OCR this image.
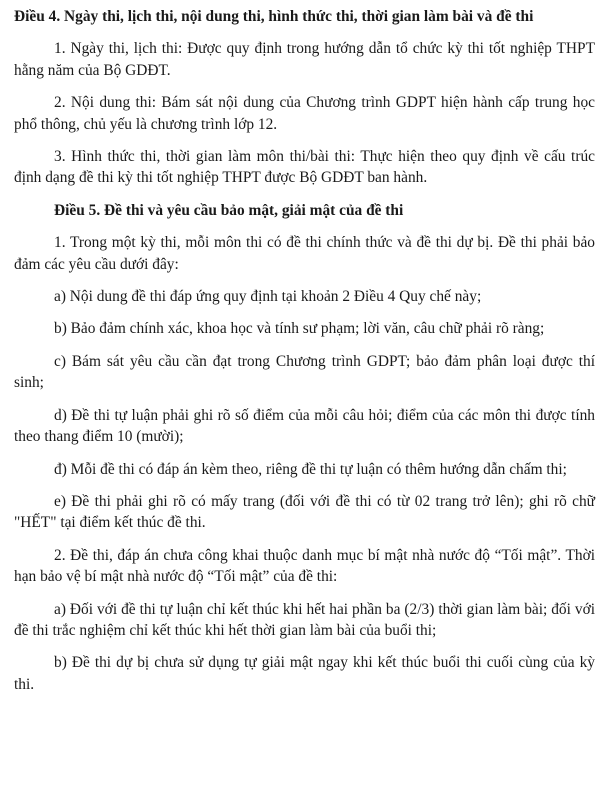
Điều 4. Ngày thi, lịch thi, nội dung thi, hình thức thi, thời gian làm bài và đề thi
1. Ngày thi, lịch thi: Được quy định trong hướng dẫn tổ chức kỳ thi tốt nghiệp THPT hằng năm của Bộ GDĐT.
2. Nội dung thi: Bám sát nội dung của Chương trình GDPT hiện hành cấp trung học phổ thông, chủ yếu là chương trình lớp 12.
3. Hình thức thi, thời gian làm môn thi/bài thi: Thực hiện theo quy định về cấu trúc định dạng đề thi kỳ thi tốt nghiệp THPT được Bộ GDĐT ban hành.
Điều 5. Đề thi và yêu cầu bảo mật, giải mật của đề thi
1. Trong một kỳ thi, mỗi môn thi có đề thi chính thức và đề thi dự bị. Đề thi phải bảo đảm các yêu cầu dưới đây:
a) Nội dung đề thi đáp ứng quy định tại khoản 2 Điều 4 Quy chế này;
b) Bảo đảm chính xác, khoa học và tính sư phạm; lời văn, câu chữ phải rõ ràng;
c) Bám sát yêu cầu cần đạt trong Chương trình GDPT; bảo đảm phân loại được thí sinh;
d) Đề thi tự luận phải ghi rõ số điểm của mỗi câu hỏi; điểm của các môn thi được tính theo thang điểm 10 (mười);
đ) Mỗi đề thi có đáp án kèm theo, riêng đề thi tự luận có thêm hướng dẫn chấm thi;
e) Đề thi phải ghi rõ có mấy trang (đối với đề thi có từ 02 trang trở lên); ghi rõ chữ "HẾT" tại điểm kết thúc đề thi.
2. Đề thi, đáp án chưa công khai thuộc danh mục bí mật nhà nước độ “Tối mật”. Thời hạn bảo vệ bí mật nhà nước độ “Tối mật” của đề thi:
a) Đối với đề thi tự luận chỉ kết thúc khi hết hai phần ba (2/3) thời gian làm bài; đối với đề thi trắc nghiệm chỉ kết thúc khi hết thời gian làm bài của buổi thi;
b) Đề thi dự bị chưa sử dụng tự giải mật ngay khi kết thúc buổi thi cuối cùng của kỳ thi.
